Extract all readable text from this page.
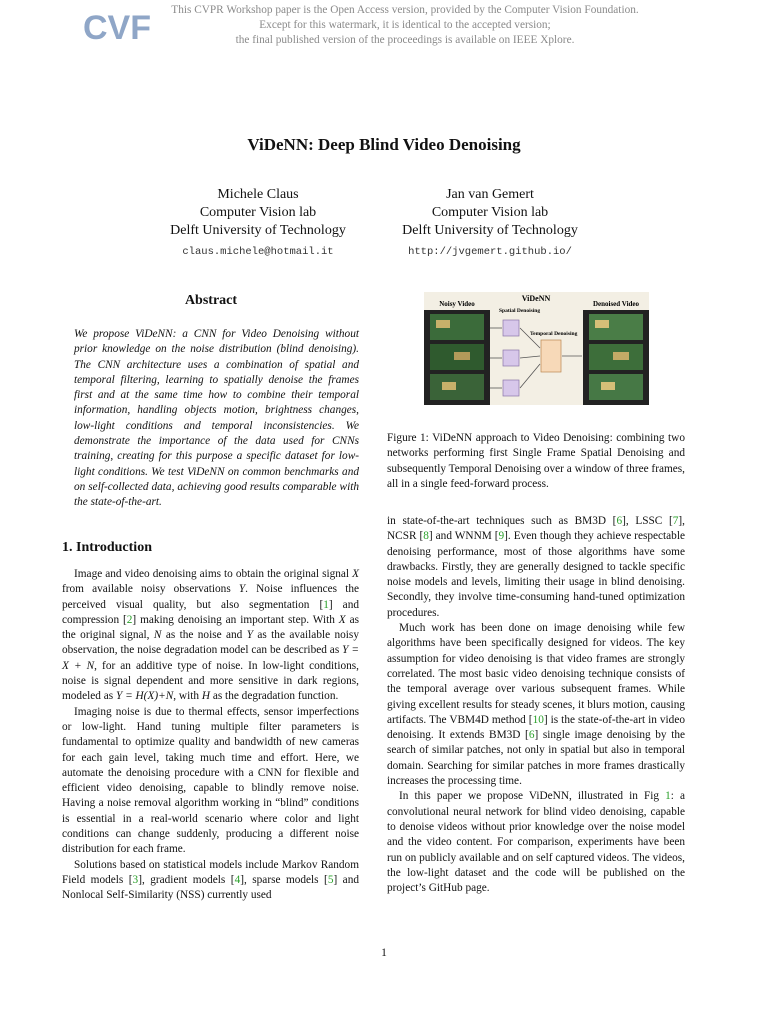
CVF	This CVPR Workshop paper is the Open Access version, provided by the Computer Vision Foundation.
Except for this watermark, it is identical to the accepted version;
the final published version of the proceedings is available on IEEE Xplore.
ViDeNN: Deep Blind Video Denoising
Michele Claus
Computer Vision lab
Delft University of Technology
claus.michele@hotmail.it
Jan van Gemert
Computer Vision lab
Delft University of Technology
http://jvgemert.github.io/
Abstract

We propose ViDeNN: a CNN for Video Denoising without prior knowledge on the noise distribution (blind denoising). The CNN architecture uses a combination of spatial and temporal filtering, learning to spatially denoise the frames first and at the same time how to combine their temporal information, handling objects motion, brightness changes, low-light conditions and temporal inconsistencies. We demonstrate the importance of the data used for CNNs training, creating for this purpose a specific dataset for low-light conditions. We test ViDeNN on common benchmarks and on self-collected data, achieving good results comparable with the state-of-the-art.

Noisy Video
ViDeNN
Spatial Denoising
Temporal Denoising
Denoised Video
Figure 1: ViDeNN approach to Video Denoising: combining two networks performing first Single Frame Spatial Denoising and subsequently Temporal Denoising over a window of three frames, all in a single feed-forward process.
1. Introduction

Image and video denoising aims to obtain the original signal X from available noisy observations Y. Noise influences the perceived visual quality, but also segmentation [1] and compression [2] making denoising an important step. With X as the original signal, N as the noise and Y as the available noisy observation, the noise degradation model can be described as Y = X + N, for an additive type of noise. In low-light conditions, noise is signal dependent and more sensitive in dark regions, modeled as Y = H(X)+N, with H as the degradation function.

Imaging noise is due to thermal effects, sensor imperfections or low-light. Hand tuning multiple filter parameters is fundamental to optimize quality and bandwidth of new cameras for each gain level, taking much time and effort. Here, we automate the denoising procedure with a CNN for flexible and efficient video denoising, capable to blindly remove noise. Having a noise removal algorithm working in “blind” conditions is essential in a real-world scenario where color and light conditions can change suddenly, producing a different noise distribution for each frame.

Solutions based on statistical models include Markov Random Field models [3], gradient models [4], sparse models [5] and Nonlocal Self-Similarity (NSS) currently used

in state-of-the-art techniques such as BM3D [6], LSSC [7], NCSR [8] and WNNM [9]. Even though they achieve respectable denoising performance, most of those algorithms have some drawbacks. Firstly, they are generally designed to tackle specific noise models and levels, limiting their usage in blind denoising. Secondly, they involve time-consuming hand-tuned optimization procedures.

Much work has been done on image denoising while few algorithms have been specifically designed for videos. The key assumption for video denoising is that video frames are strongly correlated. The most basic video denoising technique consists of the temporal average over various subsequent frames. While giving excellent results for steady scenes, it blurs motion, causing artifacts. The VBM4D method [10] is the state-of-the-art in video denoising. It extends BM3D [6] single image denoising by the search of similar patches, not only in spatial but also in temporal domain. Searching for similar patches in more frames drastically increases the processing time.

In this paper we propose ViDeNN, illustrated in Fig 1: a convolutional neural network for blind video denoising, capable to denoise videos without prior knowledge over the noise model and the video content. For comparison, experiments have been run on publicly available and on self captured videos. The videos, the low-light dataset and the code will be published on the project’s GitHub page.

1
